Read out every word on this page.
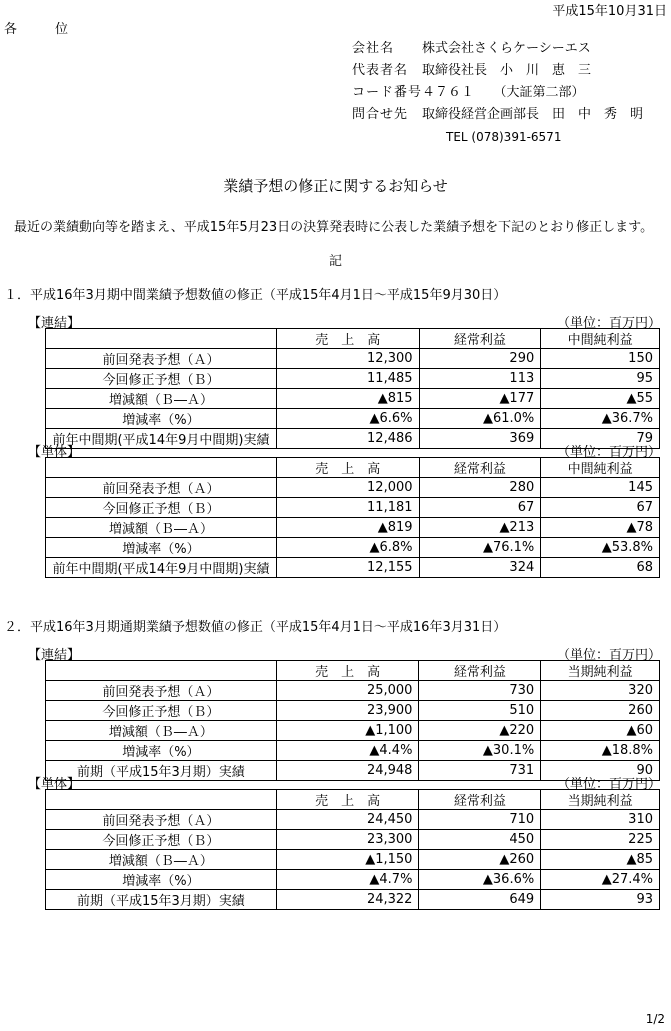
平成15年10月31日
各位
会社名	株式会社さくらケーシーエス
代表者名	取締役社長　小　川　恵　三
コード番号 ４７６１　　（大証第二部）
問合せ先	取締役経営企画部長　田　中　秀　明
TEL (078)391-6571
業績予想の修正に関するお知らせ
最近の業績動向等を踏まえ、平成15年5月23日の決算発表時に公表した業績予想を下記のとおり修正します。
記
１．平成16年3月期中間業績予想数値の修正（平成15年4月1日～平成15年9月30日）
【連結】	（単位：百万円）
	売　上　高	経常利益	中間純利益
前回発表予想（Ａ）	12,300	290	150
今回修正予想（Ｂ）	11,485	113	95
増減額（Ｂ―Ａ）	▲815	▲177	▲55
増減率（%）	▲6.6%	▲61.0%	▲36.7%
前年中間期(平成14年9月中間期)実績	12,486	369	79
【単体】	（単位：百万円）
	売　上　高	経常利益	中間純利益
前回発表予想（Ａ）	12,000	280	145
今回修正予想（Ｂ）	11,181	67	67
増減額（Ｂ―Ａ）	▲819	▲213	▲78
増減率（%）	▲6.8%	▲76.1%	▲53.8%
前年中間期(平成14年9月中間期)実績	12,155	324	68
２．平成16年3月期通期業績予想数値の修正（平成15年4月1日～平成16年3月31日）
【連結】	（単位：百万円）
	売　上　高	経常利益	当期純利益
前回発表予想（Ａ）	25,000	730	320
今回修正予想（Ｂ）	23,900	510	260
増減額（Ｂ―Ａ）	▲1,100	▲220	▲60
増減率（%）	▲4.4%	▲30.1%	▲18.8%
前期（平成15年3月期）実績	24,948	731	90
【単体】	（単位：百万円）
	売　上　高	経常利益	当期純利益
前回発表予想（Ａ）	24,450	710	310
今回修正予想（Ｂ）	23,300	450	225
増減額（Ｂ―Ａ）	▲1,150	▲260	▲85
増減率（%）	▲4.7%	▲36.6%	▲27.4%
前期（平成15年3月期）実績	24,322	649	93
1/2
